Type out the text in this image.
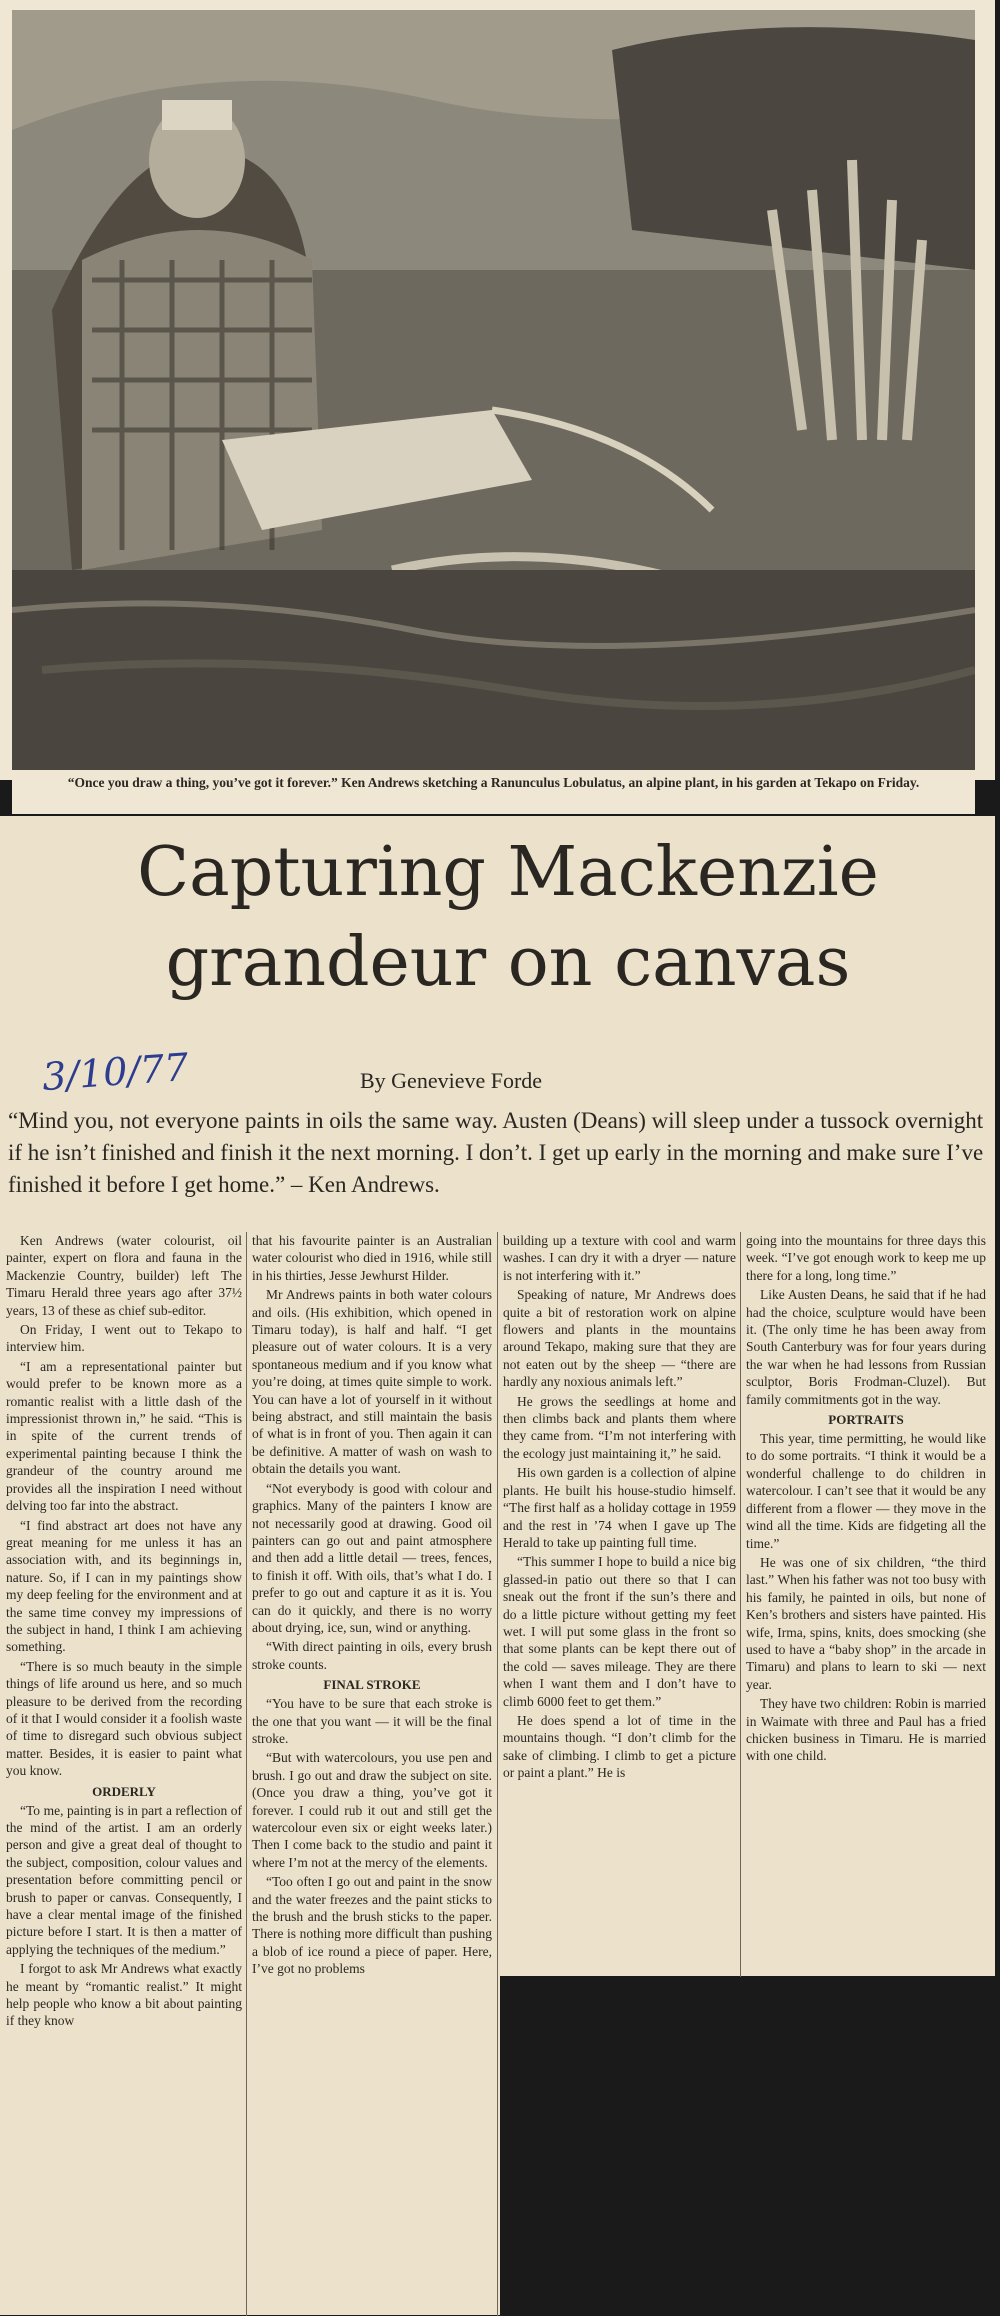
“Once you draw a thing, you’ve got it forever.” Ken Andrews sketching a Ranunculus Lobulatus, an alpine plant, in his garden at Tekapo on Friday.
Capturing Mackenzie
grandeur on canvas
3/10/77	By Genevieve Forde
“Mind you, not everyone paints in oils the same way. Austen (Deans) will sleep under a tussock overnight if he isn’t finished and finish it the next morning. I don’t. I get up early in the morning and make sure I’ve finished it before I get home.” – Ken Andrews.

Ken Andrews (water colourist, oil painter, expert on flora and fauna in the Mackenzie Country, builder) left The Timaru Herald three years ago after 37½ years, 13 of these as chief sub-editor.

On Friday, I went out to Tekapo to interview him.

“I am a representational painter but would prefer to be known more as a romantic realist with a little dash of the impressionist thrown in,” he said. “This is in spite of the current trends of experimental painting because I think the grandeur of the country around me provides all the inspiration I need without delving too far into the abstract.

“I find abstract art does not have any great meaning for me unless it has an association with, and its beginnings in, nature. So, if I can in my paintings show my deep feeling for the environment and at the same time convey my impressions of the subject in hand, I think I am achieving something.

“There is so much beauty in the simple things of life around us here, and so much pleasure to be derived from the recording of it that I would consider it a foolish waste of time to disregard such obvious subject matter. Besides, it is easier to paint what you know.

ORDERLY

“To me, painting is in part a reflection of the mind of the artist. I am an orderly person and give a great deal of thought to the subject, composition, colour values and presentation before committing pencil or brush to paper or canvas. Consequently, I have a clear mental image of the finished picture before I start. It is then a matter of applying the techniques of the medium.”

I forgot to ask Mr Andrews what exactly he meant by “romantic realist.” It might help people who know a bit about painting if they know

that his favourite painter is an Australian water colourist who died in 1916, while still in his thirties, Jesse Jewhurst Hilder.

Mr Andrews paints in both water colours and oils. (His exhibition, which opened in Timaru today), is half and half. “I get pleasure out of water colours. It is a very spontaneous medium and if you know what you’re doing, at times quite simple to work. You can have a lot of yourself in it without being abstract, and still maintain the basis of what is in front of you. Then again it can be definitive. A matter of wash on wash to obtain the details you want.

“Not everybody is good with colour and graphics. Many of the painters I know are not necessarily good at drawing. Good oil painters can go out and paint atmosphere and then add a little detail — trees, fences, to finish it off. With oils, that’s what I do. I prefer to go out and capture it as it is. You can do it quickly, and there is no worry about drying, ice, sun, wind or anything.

“With direct painting in oils, every brush stroke counts.

FINAL STROKE

“You have to be sure that each stroke is the one that you want — it will be the final stroke.

“But with watercolours, you use pen and brush. I go out and draw the subject on site. (Once you draw a thing, you’ve got it forever. I could rub it out and still get the watercolour even six or eight weeks later.) Then I come back to the studio and paint it where I’m not at the mercy of the elements.

“Too often I go out and paint in the snow and the water freezes and the paint sticks to the brush and the brush sticks to the paper. There is nothing more difficult than pushing a blob of ice round a piece of paper. Here, I’ve got no problems

building up a texture with cool and warm washes. I can dry it with a dryer — nature is not interfering with it.”

Speaking of nature, Mr Andrews does quite a bit of restoration work on alpine flowers and plants in the mountains around Tekapo, making sure that they are not eaten out by the sheep — “there are hardly any noxious animals left.”

He grows the seedlings at home and then climbs back and plants them where they came from. “I’m not interfering with the ecology just maintaining it,” he said.

His own garden is a collection of alpine plants. He built his house-studio himself. “The first half as a holiday cottage in 1959 and the rest in ’74 when I gave up The Herald to take up painting full time.

“This summer I hope to build a nice big glassed-in patio out there so that I can sneak out the front if the sun’s there and do a little picture without getting my feet wet. I will put some glass in the front so that some plants can be kept there out of the cold — saves mileage. They are there when I want them and I don’t have to climb 6000 feet to get them.”

He does spend a lot of time in the mountains though. “I don’t climb for the sake of climbing. I climb to get a picture or paint a plant.” He is

going into the mountains for three days this week. “I’ve got enough work to keep me up there for a long, long time.”

Like Austen Deans, he said that if he had had the choice, sculpture would have been it. (The only time he has been away from South Canterbury was for four years during the war when he had lessons from Russian sculptor, Boris Frodman-Cluzel). But family commitments got in the way.

PORTRAITS

This year, time permitting, he would like to do some portraits. “I think it would be a wonderful challenge to do children in watercolour. I can’t see that it would be any different from a flower — they move in the wind all the time. Kids are fidgeting all the time.”

He was one of six children, “the third last.” When his father was not too busy with his family, he painted in oils, but none of Ken’s brothers and sisters have painted. His wife, Irma, spins, knits, does smocking (she used to have a “baby shop” in the arcade in Timaru) and plans to learn to ski — next year.

They have two children: Robin is married in Waimate with three and Paul has a fried chicken business in Timaru. He is married with one child.
